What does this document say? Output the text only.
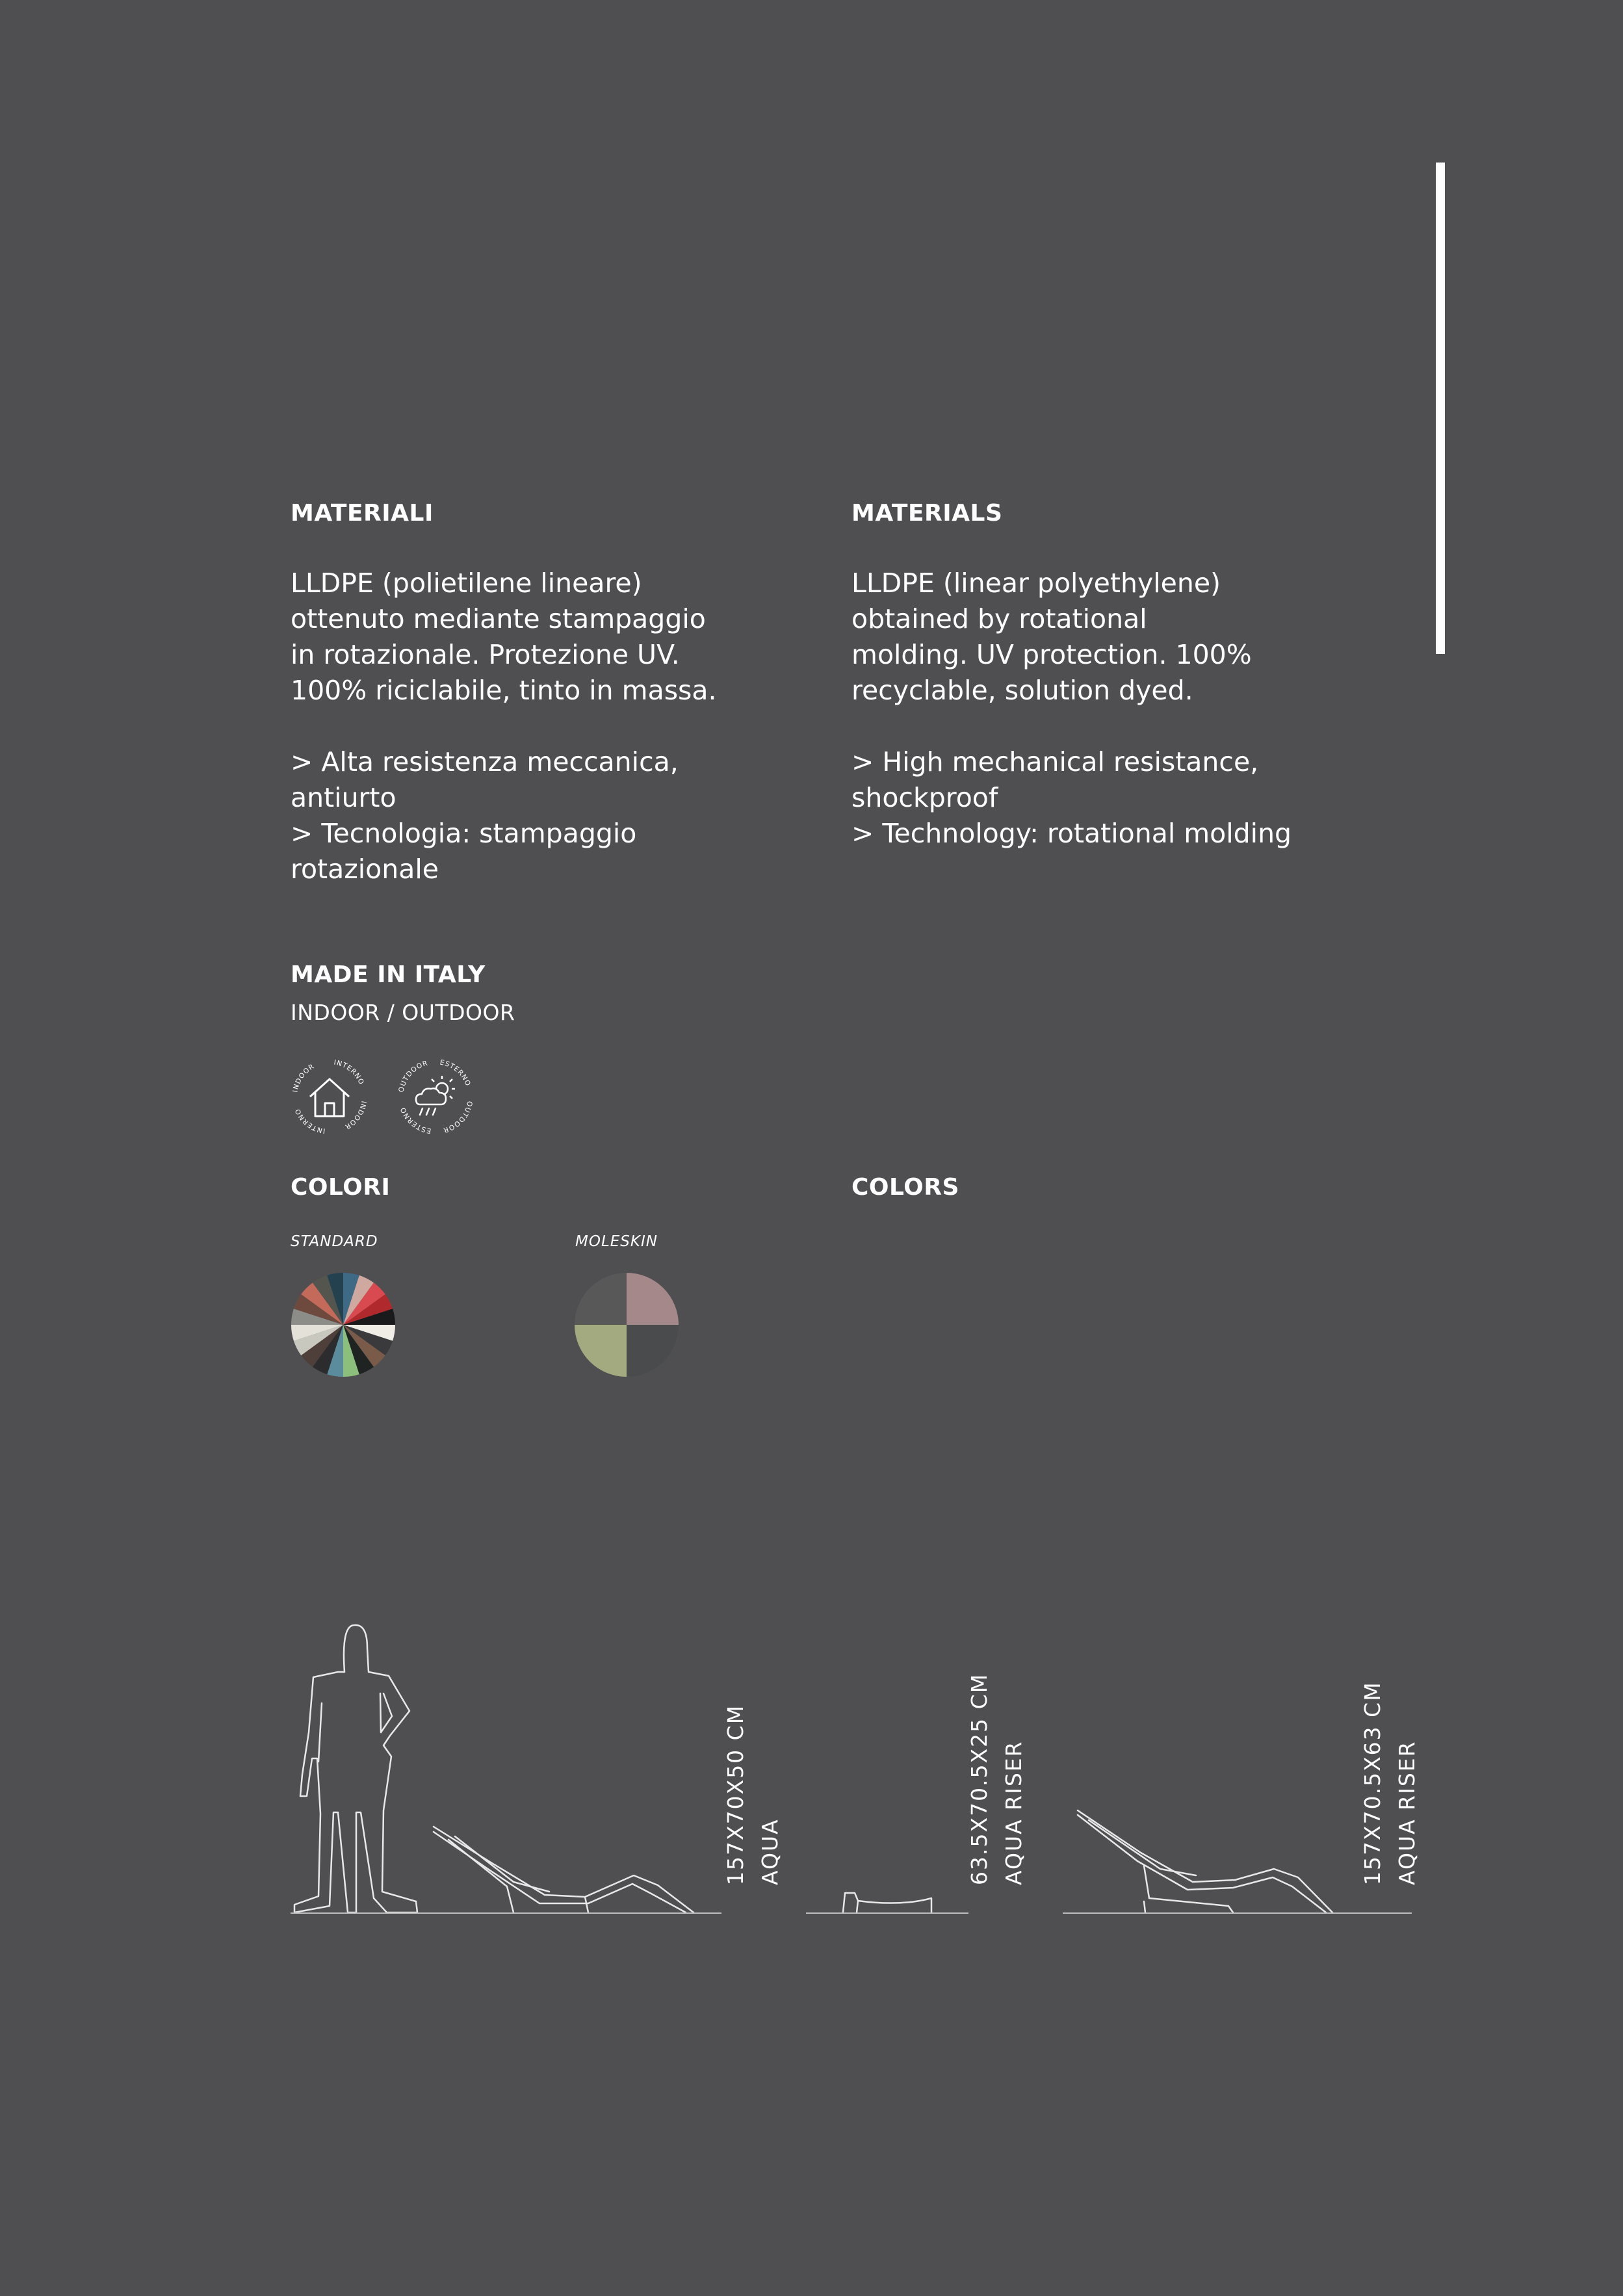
MATERIALI
LLDPE (polietilene lineare)
ottenuto mediante stampaggio
in rotazionale. Protezione UV.
100% riciclabile, tinto in massa.
> Alta resistenza meccanica,
antiurto
> Tecnologia: stampaggio
rotazionale
MATERIALS
LLDPE (linear polyethylene)
obtained by rotational
molding. UV protection. 100%
recyclable, solution dyed.
> High mechanical resistance,
shockproof
> Technology: rotational molding
MADE IN ITALY
INDOOR / OUTDOOR
INDOOR	INTERNO
INDOOR
INTERNO
OUTDOOR ESTERNO
OUTDOOR
ESTERNO
COLORI	COLORS
STANDARD	MOLESKIN
157X70X50 CM AQUA	63.5X70.5X25 CM AQUA RISER	157X70.5X63 CM AQUA RISER
